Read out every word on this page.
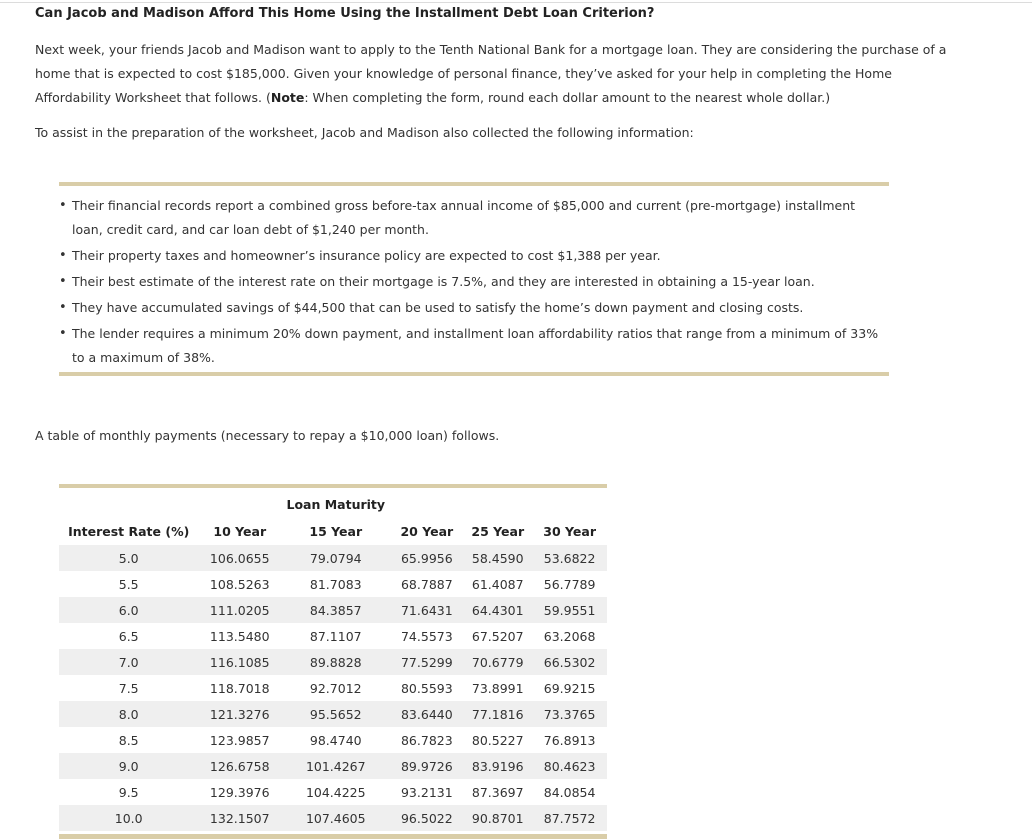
Can Jacob and Madison Afford This Home Using the Installment Debt Loan Criterion?
Next week, your friends Jacob and Madison want to apply to the Tenth National Bank for a mortgage loan. They are considering the purchase of a home that is expected to cost $185,000. Given your knowledge of personal finance, they’ve asked for your help in completing the Home Affordability Worksheet that follows. (Note: When completing the form, round each dollar amount to the nearest whole dollar.)
To assist in the preparation of the worksheet, Jacob and Madison also collected the following information:
• Their financial records report a combined gross before-tax annual income of $85,000 and current (pre-mortgage) installment loan, credit card, and car loan debt of $1,240 per month.
• Their property taxes and homeowner’s insurance policy are expected to cost $1,388 per year.
• Their best estimate of the interest rate on their mortgage is 7.5%, and they are interested in obtaining a 15-year loan.
• They have accumulated savings of $44,500 that can be used to satisfy the home’s down payment and closing costs.
• The lender requires a minimum 20% down payment, and installment loan affordability ratios that range from a minimum of 33% to a maximum of 38%.
A table of monthly payments (necessary to repay a $10,000 loan) follows.
		Loan Maturity			
Interest Rate (%)	10 Year	15 Year	20 Year	25 Year	30 Year
5.0	106.0655	79.0794	65.9956	58.4590	53.6822
5.5	108.5263	81.7083	68.7887	61.4087	56.7789
6.0	111.0205	84.3857	71.6431	64.4301	59.9551
6.5	113.5480	87.1107	74.5573	67.5207	63.2068
7.0	116.1085	89.8828	77.5299	70.6779	66.5302
7.5	118.7018	92.7012	80.5593	73.8991	69.9215
8.0	121.3276	95.5652	83.6440	77.1816	73.3765
8.5	123.9857	98.4740	86.7823	80.5227	76.8913
9.0	126.6758	101.4267	89.9726	83.9196	80.4623
9.5	129.3976	104.4225	93.2131	87.3697	84.0854
10.0	132.1507	107.4605	96.5022	90.8701	87.7572
